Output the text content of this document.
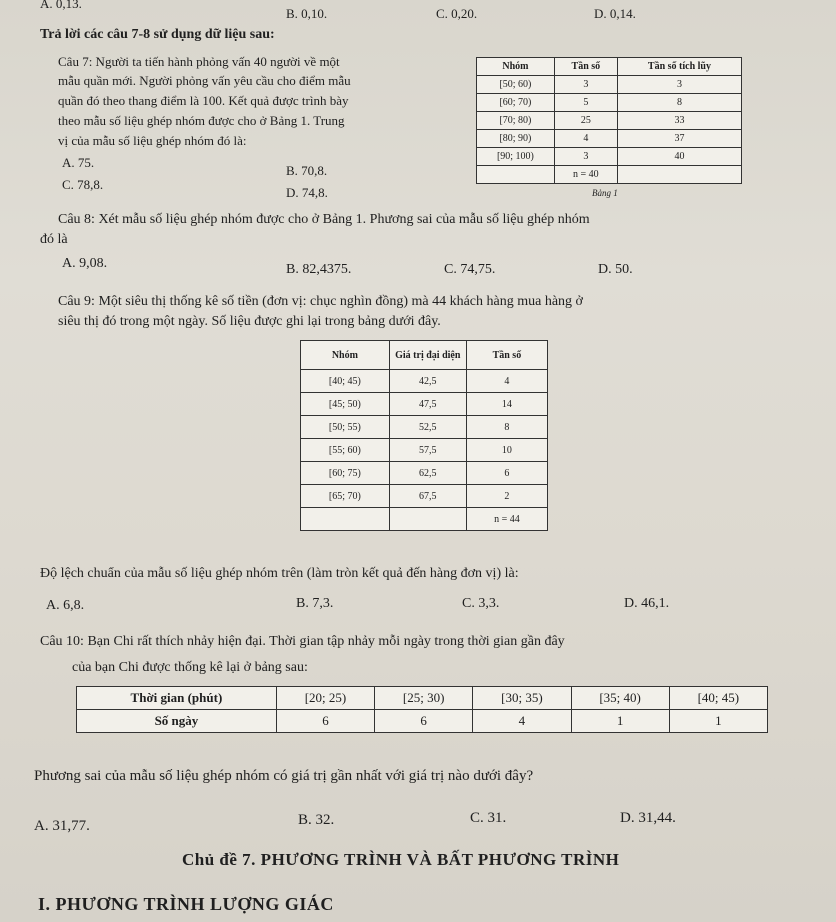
A. 0,13.
B. 0,10.	C. 0,20.	D. 0,14.
Trả lời các câu 7-8 sử dụng dữ liệu sau:
Câu 7: Người ta tiến hành phỏng vấn 40 người về một
mẫu quần mới. Người phỏng vấn yêu cầu cho điểm mẫu
quần đó theo thang điểm là 100. Kết quả được trình bày
theo mẫu số liệu ghép nhóm được cho ở Bảng 1. Trung
vị của mẫu số liệu ghép nhóm đó là:
A. 75.
B. 70,8.
C. 78,8.
D. 74,8.
Nhóm	Tần số	Tần số tích lũy
[50; 60)	3	3
[60; 70)	5	8
[70; 80)	25	33
[80; 90)	4	37
[90; 100)	3	40
	n = 40	
Bảng 1
Câu 8: Xét mẫu số liệu ghép nhóm được cho ở Bảng 1. Phương sai của mẫu số liệu ghép nhóm
đó là
A. 9,08.	B. 82,4375.	C. 74,75.	D. 50.
Câu 9: Một siêu thị thống kê số tiền (đơn vị: chục nghìn đồng) mà 44 khách hàng mua hàng ở
siêu thị đó trong một ngày. Số liệu được ghi lại trong bảng dưới đây.
Nhóm	Giá trị đại diện	Tần số
[40; 45)	42,5	4
[45; 50)	47,5	14
[50; 55)	52,5	8
[55; 60)	57,5	10
[60; 75)	62,5	6
[65; 70)	67,5	2
		n = 44
Độ lệch chuẩn của mẫu số liệu ghép nhóm trên (làm tròn kết quả đến hàng đơn vị) là:
A. 6,8.	B. 7,3.	C. 3,3.	D. 46,1.
Câu 10: Bạn Chi rất thích nhảy hiện đại. Thời gian tập nhảy mỗi ngày trong thời gian gần đây
của bạn Chi được thống kê lại ở bảng sau:
Thời gian (phút)	[20; 25)	[25; 30)	[30; 35)	[35; 40)	[40; 45)
Số ngày	6	6	4	1	1
Phương sai của mẫu số liệu ghép nhóm có giá trị gần nhất với giá trị nào dưới đây?
A. 31,77.	B. 32.	C. 31.	D. 31,44.
Chủ đề 7. PHƯƠNG TRÌNH VÀ BẤT PHƯƠNG TRÌNH
I. PHƯƠNG TRÌNH LƯỢNG GIÁC
